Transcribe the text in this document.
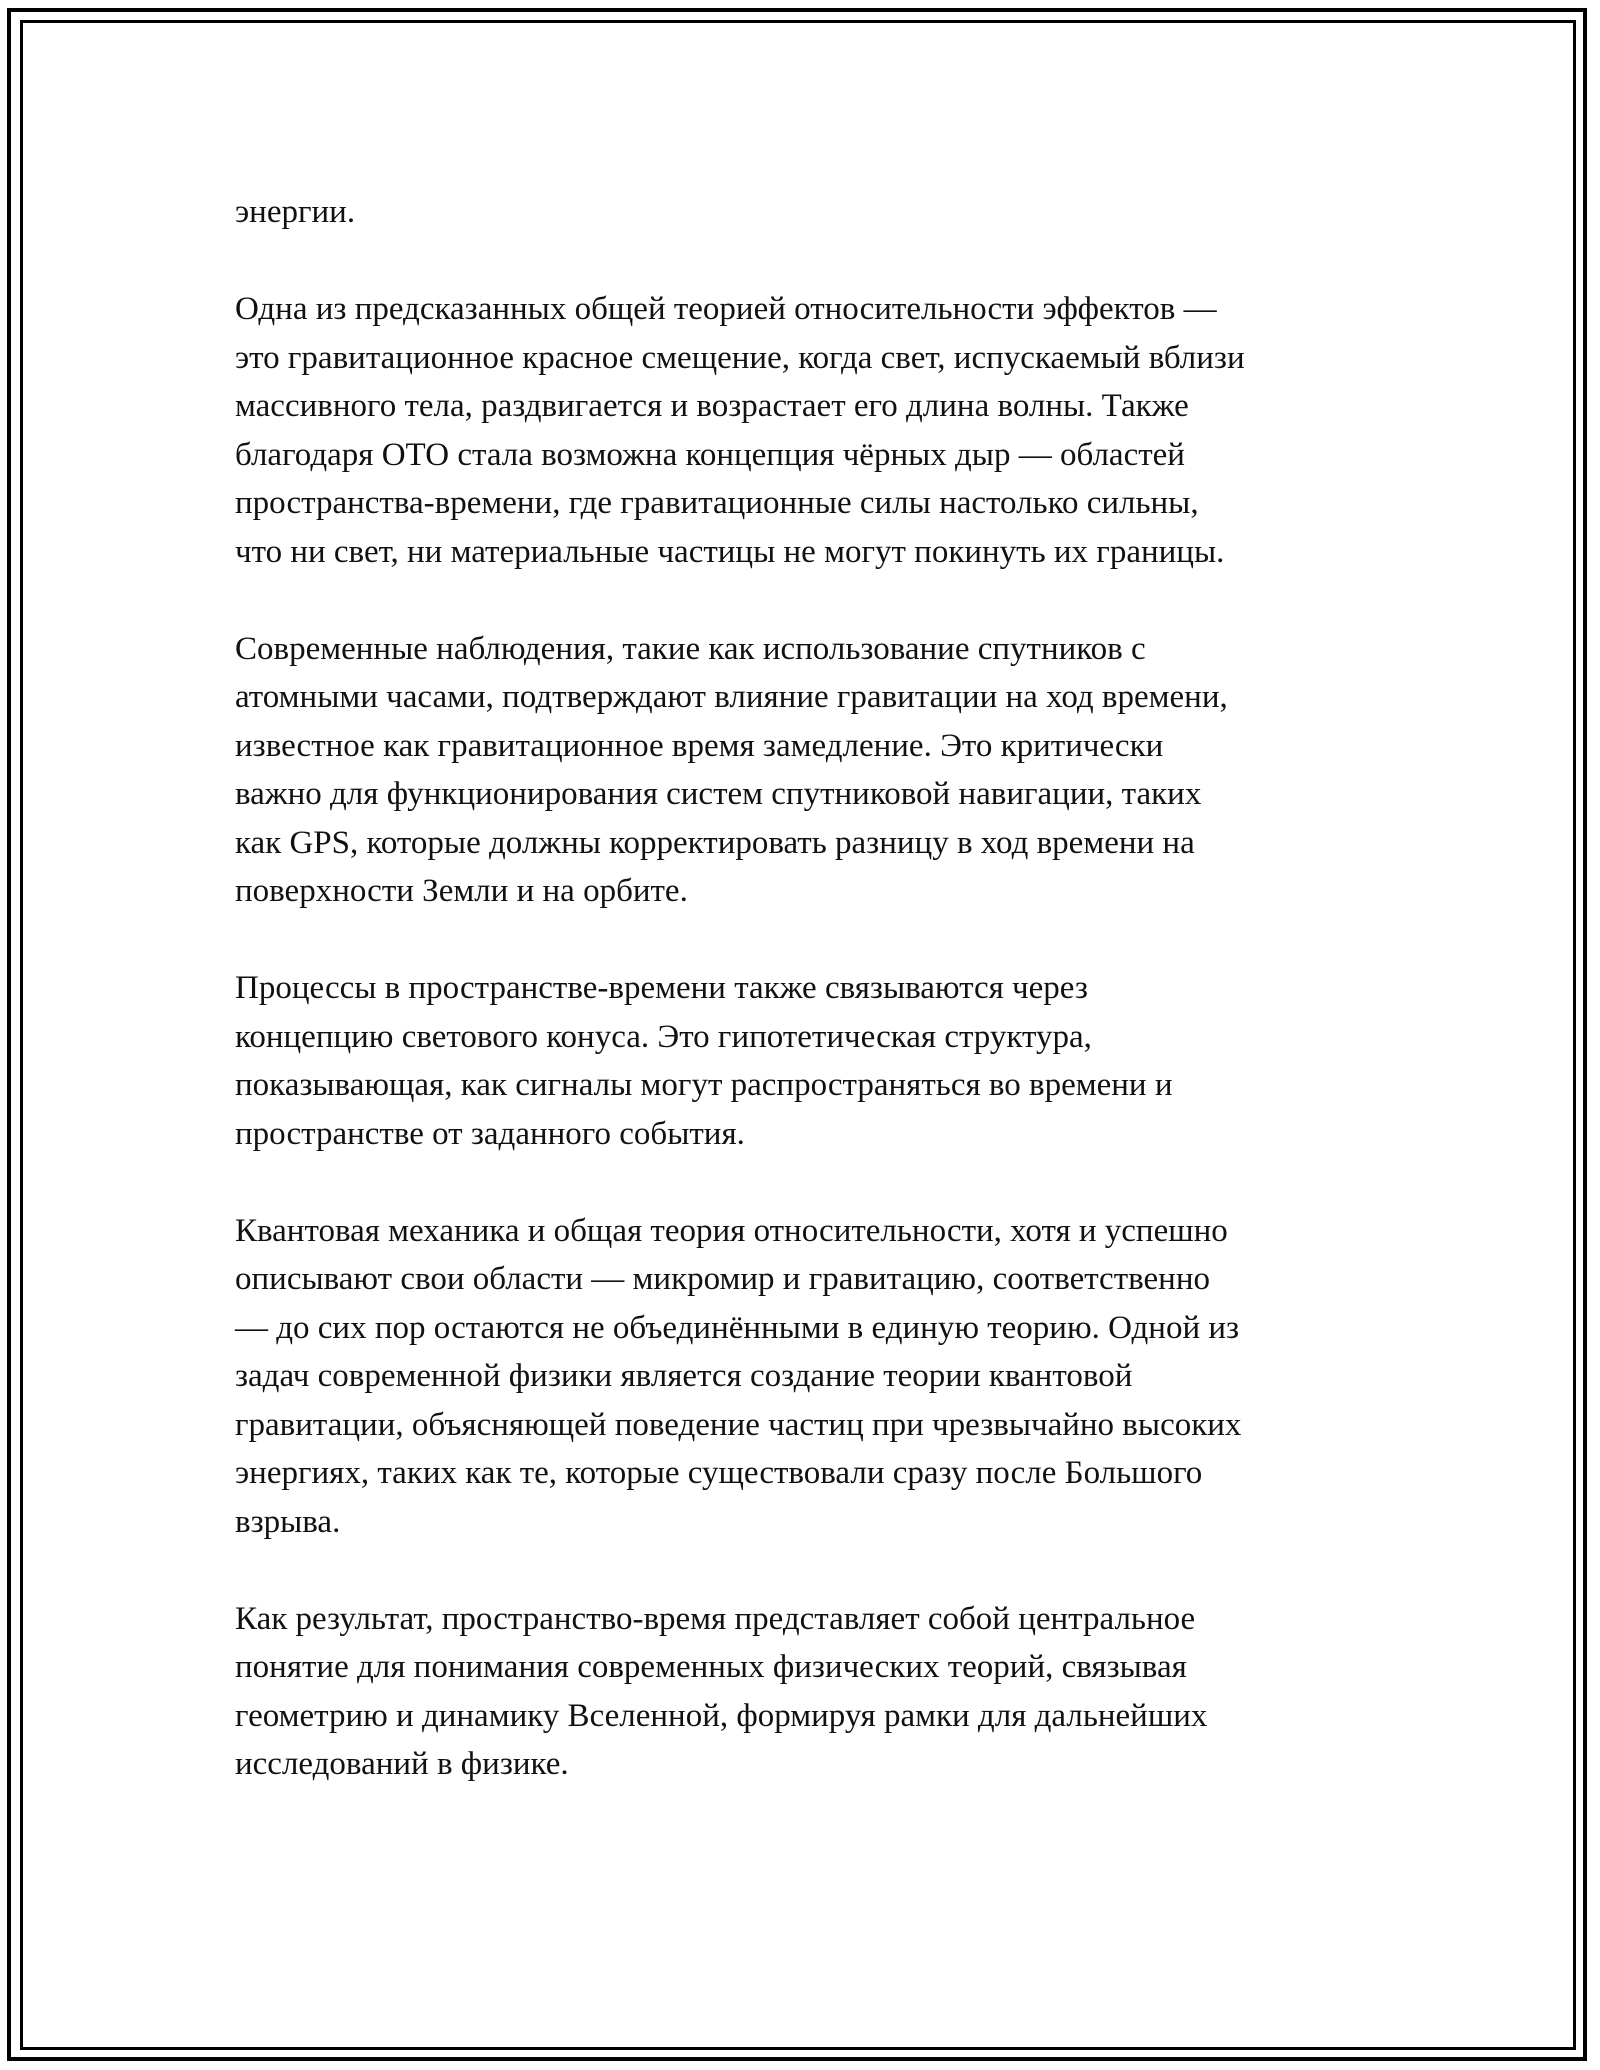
энергии.
Одна из предсказанных общей теорией относительности эффектов —
это гравитационное красное смещение, когда свет, испускаемый вблизи
массивного тела, раздвигается и возрастает его длина волны. Также
благодаря ОТО стала возможна концепция чёрных дыр — областей
пространства-времени, где гравитационные силы настолько сильны,
что ни свет, ни материальные частицы не могут покинуть их границы.
Современные наблюдения, такие как использование спутников с
атомными часами, подтверждают влияние гравитации на ход времени,
известное как гравитационное время замедление. Это критически
важно для функционирования систем спутниковой навигации, таких
как GPS, которые должны корректировать разницу в ход времени на
поверхности Земли и на орбите.
Процессы в пространстве-времени также связываются через
концепцию светового конуса. Это гипотетическая структура,
показывающая, как сигналы могут распространяться во времени и
пространстве от заданного события.
Квантовая механика и общая теория относительности, хотя и успешно
описывают свои области — микромир и гравитацию, соответственно
— до сих пор остаются не объединёнными в единую теорию. Одной из
задач современной физики является создание теории квантовой
гравитации, объясняющей поведение частиц при чрезвычайно высоких
энергиях, таких как те, которые существовали сразу после Большого
взрыва.
Как результат, пространство-время представляет собой центральное
понятие для понимания современных физических теорий, связывая
геометрию и динамику Вселенной, формируя рамки для дальнейших
исследований в физике.
